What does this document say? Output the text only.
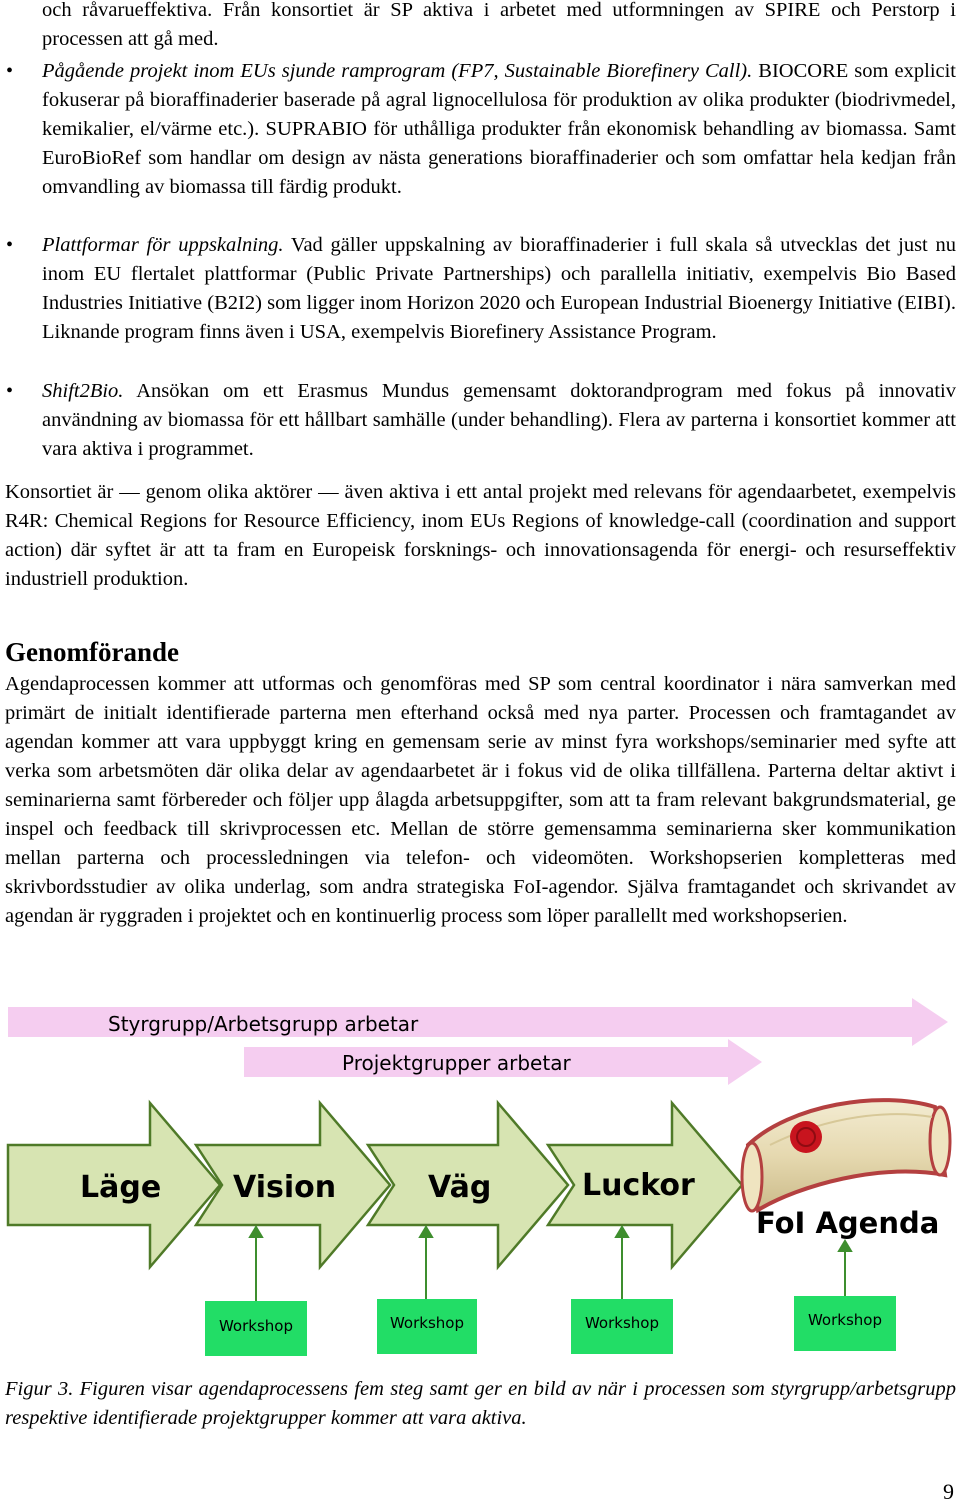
och råvarueffektiva. Från konsortiet är SP aktiva i arbetet med utformningen av SPIRE och Perstorp i processen att gå med.
• Pågående projekt inom EUs sjunde ramprogram (FP7, Sustainable Biorefinery Call). BIOCORE som explicit fokuserar på bioraffinaderier baserade på agral lignocellulosa för produktion av olika produkter (biodrivmedel, kemikalier, el/värme etc.). SUPRABIO för uthålliga produkter från ekonomisk behandling av biomassa. Samt EuroBioRef som handlar om design av nästa generations bioraffinaderier och som omfattar hela kedjan från omvandling av biomassa till färdig produkt.
• Plattformar för uppskalning. Vad gäller uppskalning av bioraffinaderier i full skala så utvecklas det just nu inom EU flertalet plattformar (Public Private Partnerships) och parallella initiativ, exempelvis Bio Based Industries Initiative (B2I2) som ligger inom Horizon 2020 och European Industrial Bioenergy Initiative (EIBI). Liknande program finns även i USA, exempelvis Biorefinery Assistance Program.
• Shift2Bio. Ansökan om ett Erasmus Mundus gemensamt doktorandprogram med fokus på innovativ användning av biomassa för ett hållbart samhälle (under behandling). Flera av parterna i konsortiet kommer att vara aktiva i programmet.
Konsortiet är — genom olika aktörer — även aktiva i ett antal projekt med relevans för agendaarbetet, exempelvis R4R: Chemical Regions for Resource Efficiency, inom EUs Regions of knowledge-call (coordination and support action) där syftet är att ta fram en Europeisk forsknings- och innovationsagenda för energi- och resurseffektiv industriell produktion.
Genomförande
Agendaprocessen kommer att utformas och genomföras med SP som central koordinator i nära samverkan med primärt de initialt identifierade parterna men efterhand också med nya parter. Processen och framtagandet av agendan kommer att vara uppbyggt kring en gemensam serie av minst fyra workshops/seminarier med syfte att verka som arbetsmöten där olika delar av agendaarbetet är i fokus vid de olika tillfällena. Parterna deltar aktivt i seminarierna samt förbereder och följer upp ålagda arbetsuppgifter, som att ta fram relevant bakgrundsmaterial, ge inspel och feedback till skrivprocessen etc. Mellan de större gemensamma seminarierna sker kommunikation mellan parterna och processledningen via telefon- och videomöten. Workshopserien kompletteras med skrivbordsstudier av olika underlag, som andra strategiska FoI-agendor. Själva framtagandet och skrivandet av agendan är ryggraden i projektet och en kontinuerlig process som löper parallellt med workshopserien.
Styrgrupp/Arbetsgrupp arbetar
Projektgrupper arbetar
Läge Vision	Väg	Luckor
FoI Agenda
Workshop	Workshop	Workshop	Workshop
Figur 3. Figuren visar agendaprocessens fem steg samt ger en bild av när i processen som styrgrupp/arbetsgrupp respektive identifierade projektgrupper kommer att vara aktiva.
9
